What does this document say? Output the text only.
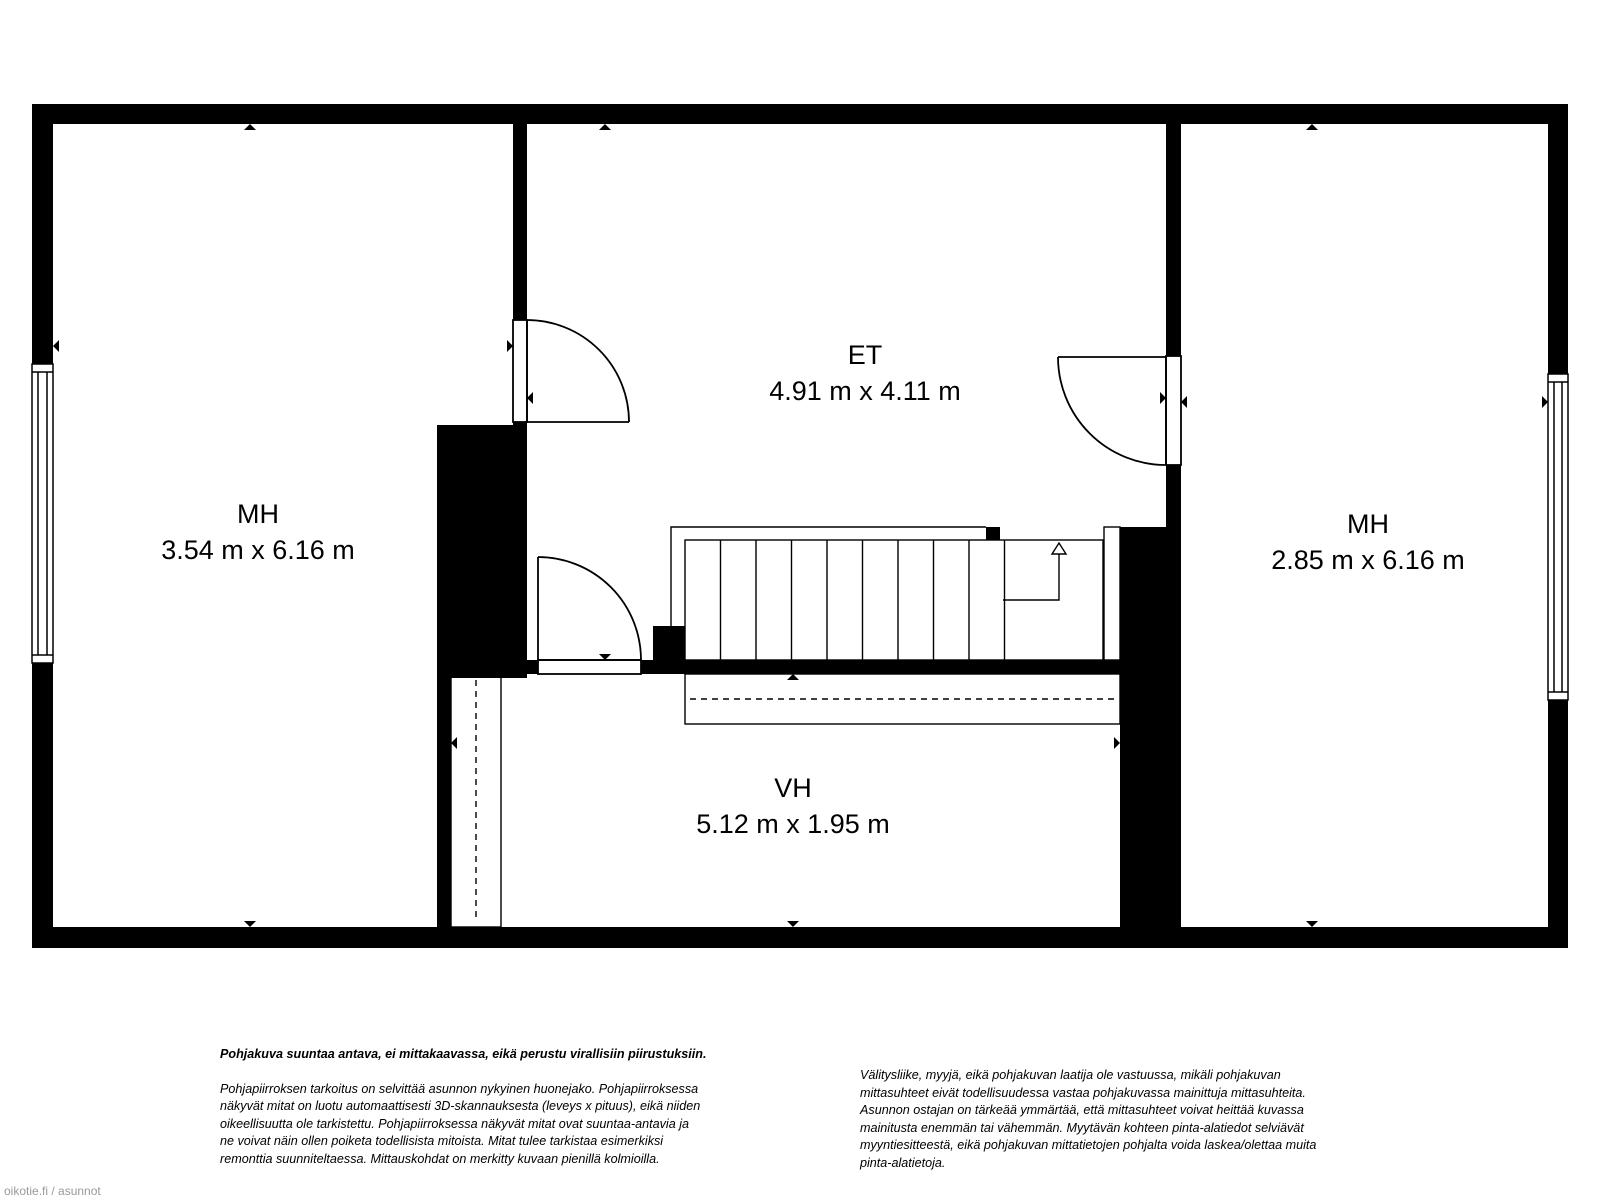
MH
3.54 m x 6.16 m
ET
4.91 m x 4.11 m
MH
2.85 m x 6.16 m
VH
5.12 m x 1.95 m

Pohjakuva suuntaa antava, ei mittakaavassa, eikä perustu virallisiin piirustuksiin.

Pohjapiirroksen tarkoitus on selvittää asunnon nykyinen huonejako. Pohjapiirroksessa

näkyvät mitat on luotu automaattisesti 3D-skannauksesta (leveys x pituus), eikä niiden

oikeellisuutta ole tarkistettu. Pohjapiirroksessa näkyvät mitat ovat suuntaa-antavia ja

ne voivat näin ollen poiketa todellisista mitoista. Mitat tulee tarkistaa esimerkiksi

remonttia suunniteltaessa. Mittauskohdat on merkitty kuvaan pienillä kolmioilla.

Välitysliike, myyjä, eikä pohjakuvan laatija ole vastuussa, mikäli pohjakuvan

mittasuhteet eivät todellisuudessa vastaa pohjakuvassa mainittuja mittasuhteita.

Asunnon ostajan on tärkeää ymmärtää, että mittasuhteet voivat heittää kuvassa

mainitusta enemmän tai vähemmän. Myytävän kohteen pinta-alatiedot selviävät

myyntiesitteestä, eikä pohjakuvan mittatietojen pohjalta voida laskea/olettaa muita

pinta-alatietoja.

oikotie.fi / asunnot
